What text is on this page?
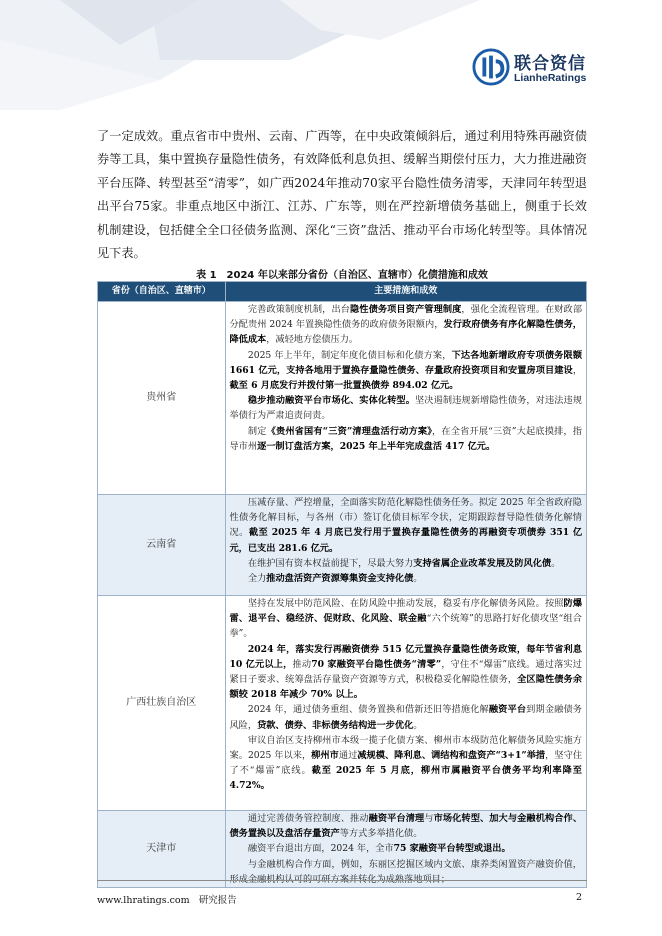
联合资信
LianheRatings

了一定成效。重点省市中贵州、云南、广西等，在中央政策倾斜后，通过利用特殊再融资债券等工具，集中置换存量隐性债务，有效降低利息负担、缓解当期偿付压力，大力推进融资平台压降、转型甚至“清零”，如广西2024年推动70家平台隐性债务清零，天津同年转型退出平台75家。非重点地区中浙江、江苏、广东等，则在严控新增债务基础上，侧重于长效机制建设，包括健全全口径债务监测、深化“三资”盘活、推动平台市场化转型等。具体情况见下表。

表 1　2024 年以来部分省份（自治区、直辖市）化债措施和成效
省份（自治区、直辖市）	主要措施和成效
贵州省	完善政策制度机制，出台隐性债务项目资产管理制度，强化全流程管理。在财政部分配贵州 2024 年置换隐性债务的政府债务限额内，发行政府债务有序化解隐性债务，降低成本，减轻地方偿债压力。

2025 年上半年，制定年度化债目标和化债方案，下达各地新增政府专项债务限额 1661 亿元，支持各地用于置换存量隐性债务、存量政府投资项目和安置房项目建设，截至 6 月底发行并拨付第一批置换债券 894.02 亿元。

稳步推动融资平台市场化、实体化转型。坚决遏制违规新增隐性债务，对违法违规举债行为严肃追责问责。

制定《贵州省国有“三资”清理盘活行动方案》，在全省开展“三资”大起底摸排，指导市州逐一制订盘活方案，2025 年上半年完成盘活 417 亿元。

云南省	压减存量、严控增量，全面落实防范化解隐性债务任务。拟定 2025 年全省政府隐性债务化解目标，与各州（市）签订化债目标军令状，定期跟踪督导隐性债务化解情况。截至 2025 年 4 月底已发行用于置换存量隐性债务的再融资专项债券 351 亿元，已支出 281.6 亿元。

在维护国有资本权益前提下，尽最大努力支持省属企业改革发展及防风化债。

全力推动盘活资产资源筹集资金支持化债。

广西壮族自治区	坚持在发展中防范风险、在防风险中推动发展，稳妥有序化解债务风险。按照防爆雷、退平台、稳经济、促财政、化风险、联金融“六个统筹”的思路打好化债攻坚“组合拳”。

2024 年，落实发行再融资债券 515 亿元置换存量隐性债务政策，每年节省利息 10 亿元以上，推动70 家融资平台隐性债务“清零”，守住不“爆雷”底线。通过落实过紧日子要求、统筹盘活存量资产资源等方式，积极稳妥化解隐性债务，全区隐性债务余额较 2018 年减少 70% 以上。

2024 年，通过债务重组、债务置换和借新还旧等措施化解融资平台到期金融债务风险，贷款、债券、非标债务结构进一步优化。

审议自治区支持柳州市本级一揽子化债方案、柳州市本级防范化解债务风险实施方案。2025 年以来，柳州市通过减规模、降利息、调结构和盘资产“3+1”举措，坚守住了不“爆雷”底线。截至 2025 年 5 月底，柳州市属融资平台债务平均利率降至 4.72%。

天津市	通过完善债务管控制度、推动融资平台清理与市场化转型、加大与金融机构合作、债务置换以及盘活存量资产等方式多举措化债。

融资平台退出方面，2024 年，全市75 家融资平台转型或退出。

与金融机构合作方面，例如，东丽区挖掘区域内文旅、康养类闲置资产融资价值，形成金融机构认可的可研方案并转化为成熟落地项目；

www.lhratings.com 研究报告	2
